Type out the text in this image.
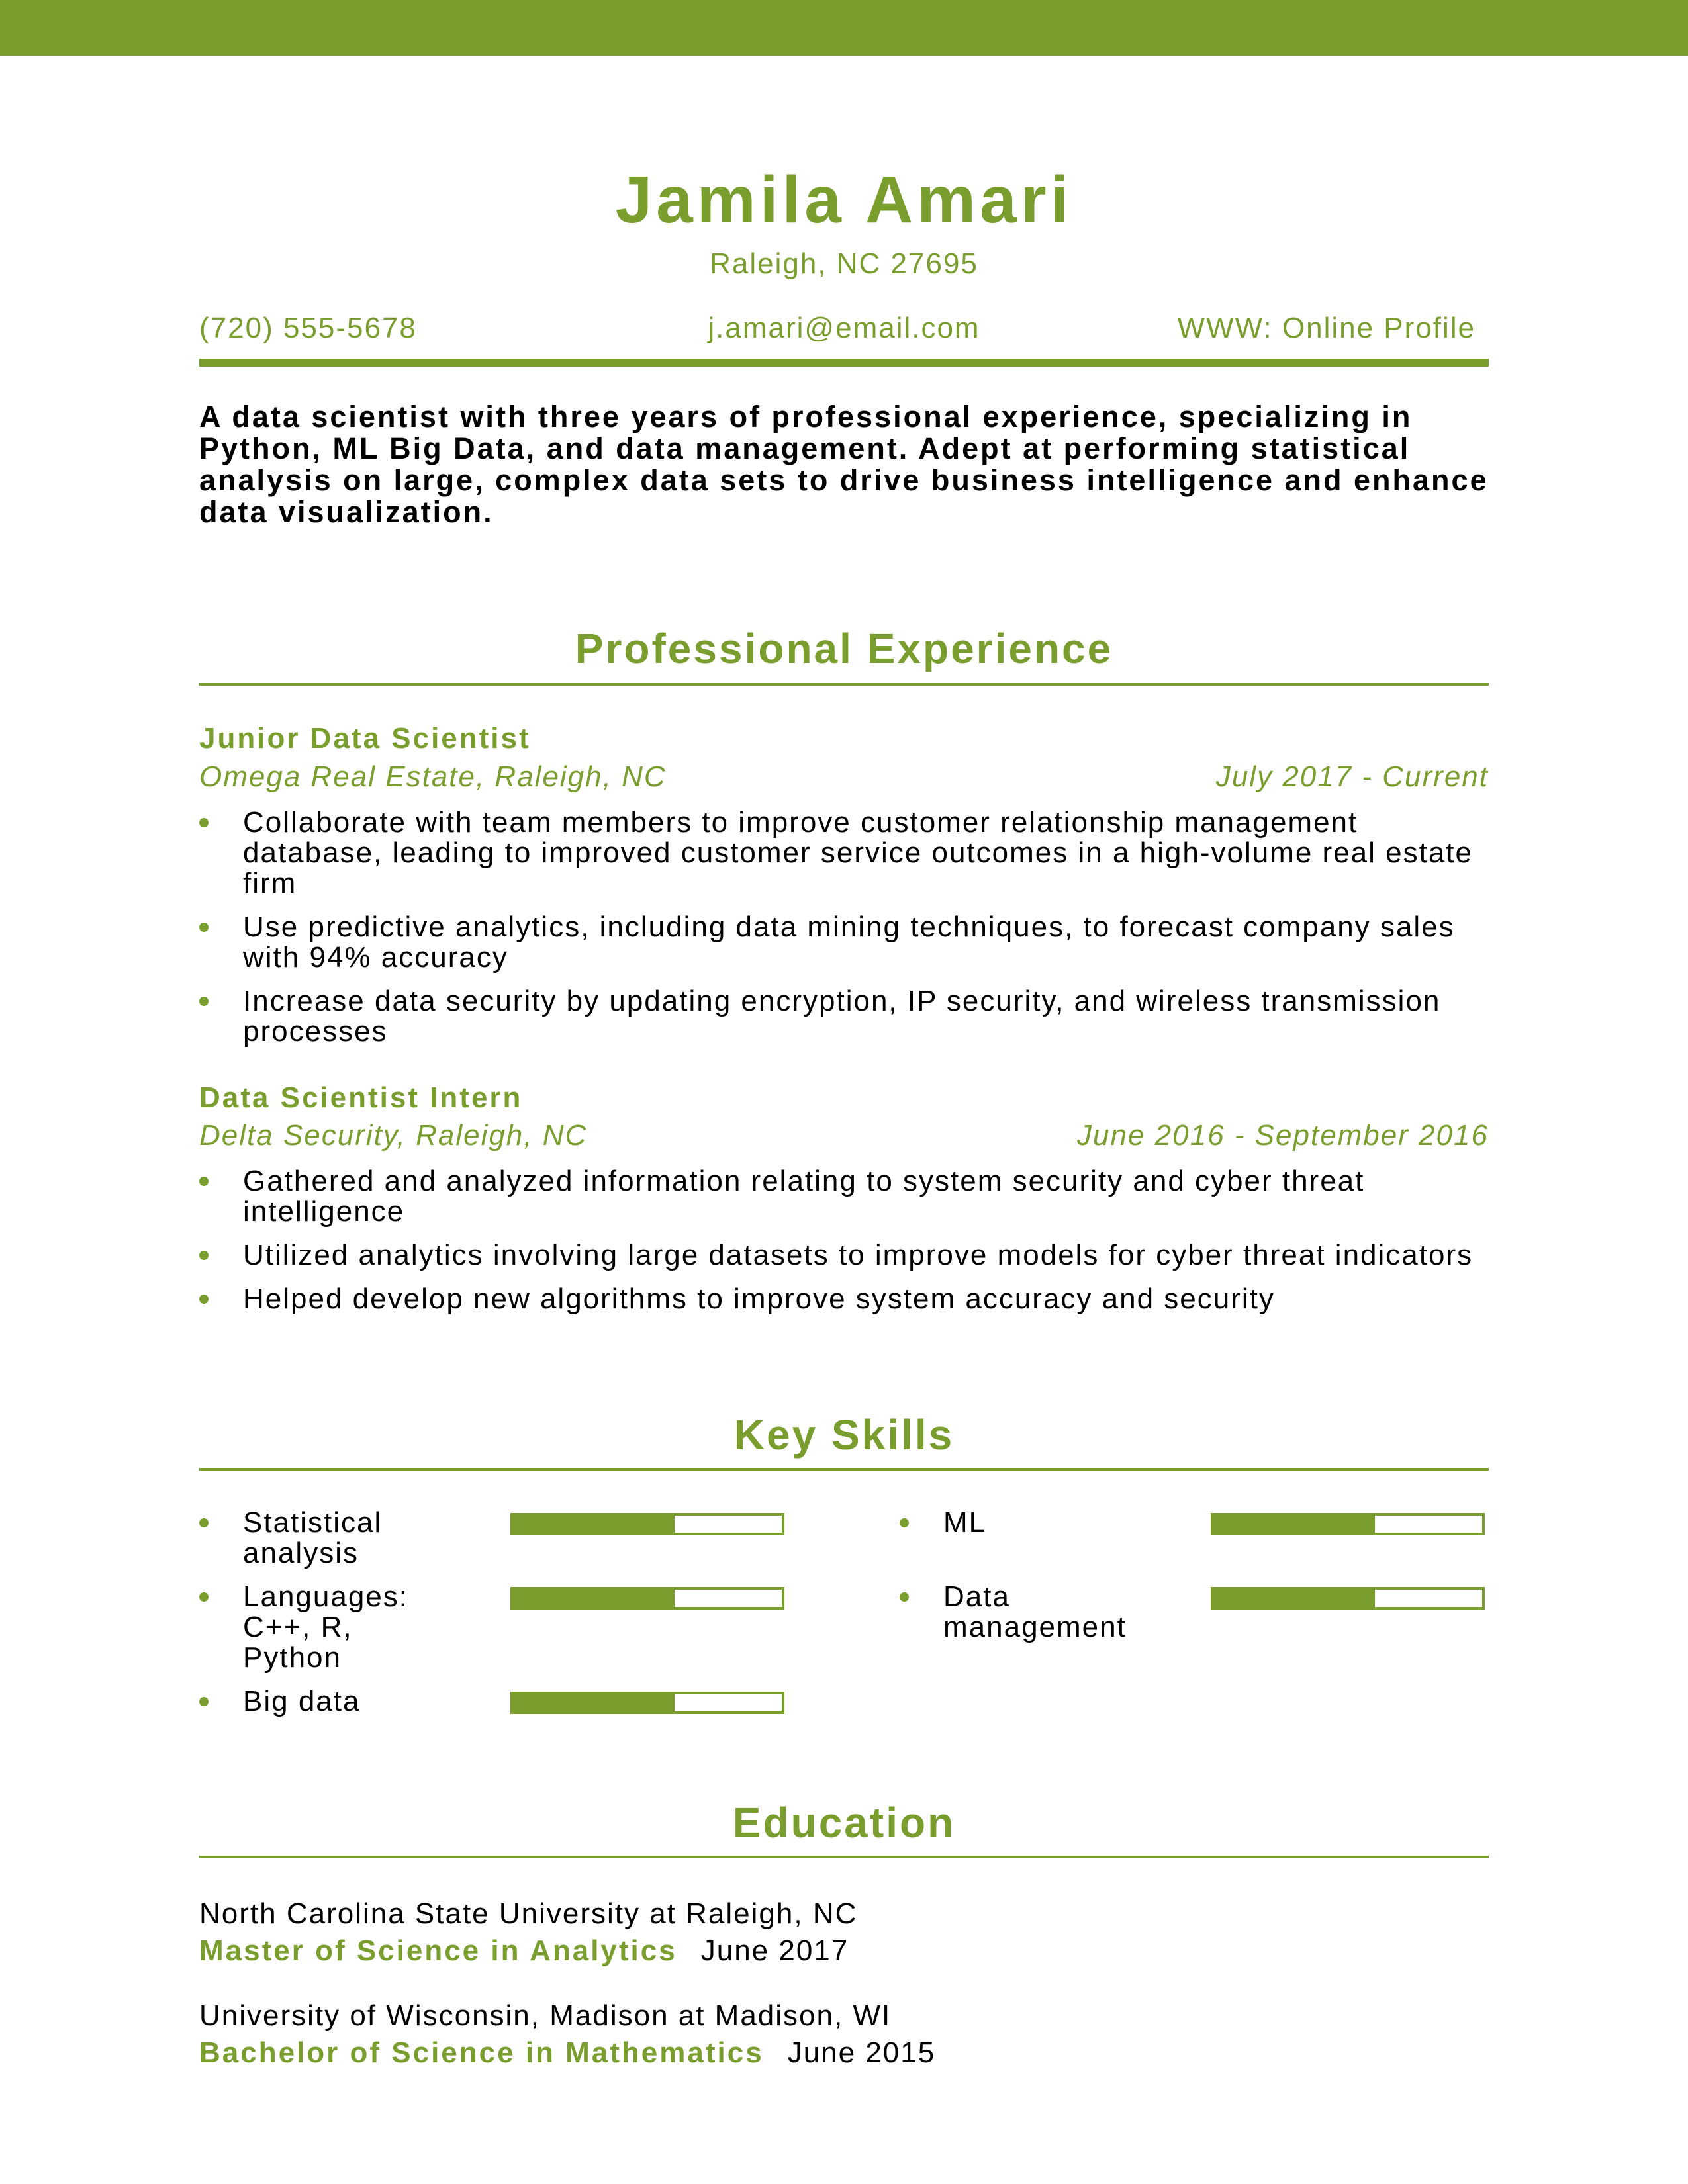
Jamila Amari
Raleigh, NC 27695
(720) 555-5678	j.amari@email.com	WWW: Online Profile
A data scientist with three years of professional experience, specializing in Python, ML Big Data, and data management. Adept at performing statistical analysis on large, complex data sets to drive business intelligence and enhance data visualization.
Professional Experience
Junior Data Scientist
Omega Real Estate, Raleigh, NC	July 2017 - Current
Collaborate with team members to improve customer relationship management database, leading to improved customer service outcomes in a high-volume real estate firm
Use predictive analytics, including data mining techniques, to forecast company sales with 94% accuracy
Increase data security by updating encryption, IP security, and wireless transmission processes
Data Scientist Intern
Delta Security, Raleigh, NC	June 2016 - September 2016
Gathered and analyzed information relating to system security and cyber threat intelligence
Utilized analytics involving large datasets to improve models for cyber threat indicators
Helped develop new algorithms to improve system accuracy and security
Key Skills
Statistical analysis
ML
Languages: C++, R, Python
Data management
Big data
Education
North Carolina State University at Raleigh, NC
Master of Science in Analytics June 2017
University of Wisconsin, Madison at Madison, WI
Bachelor of Science in Mathematics June 2015
